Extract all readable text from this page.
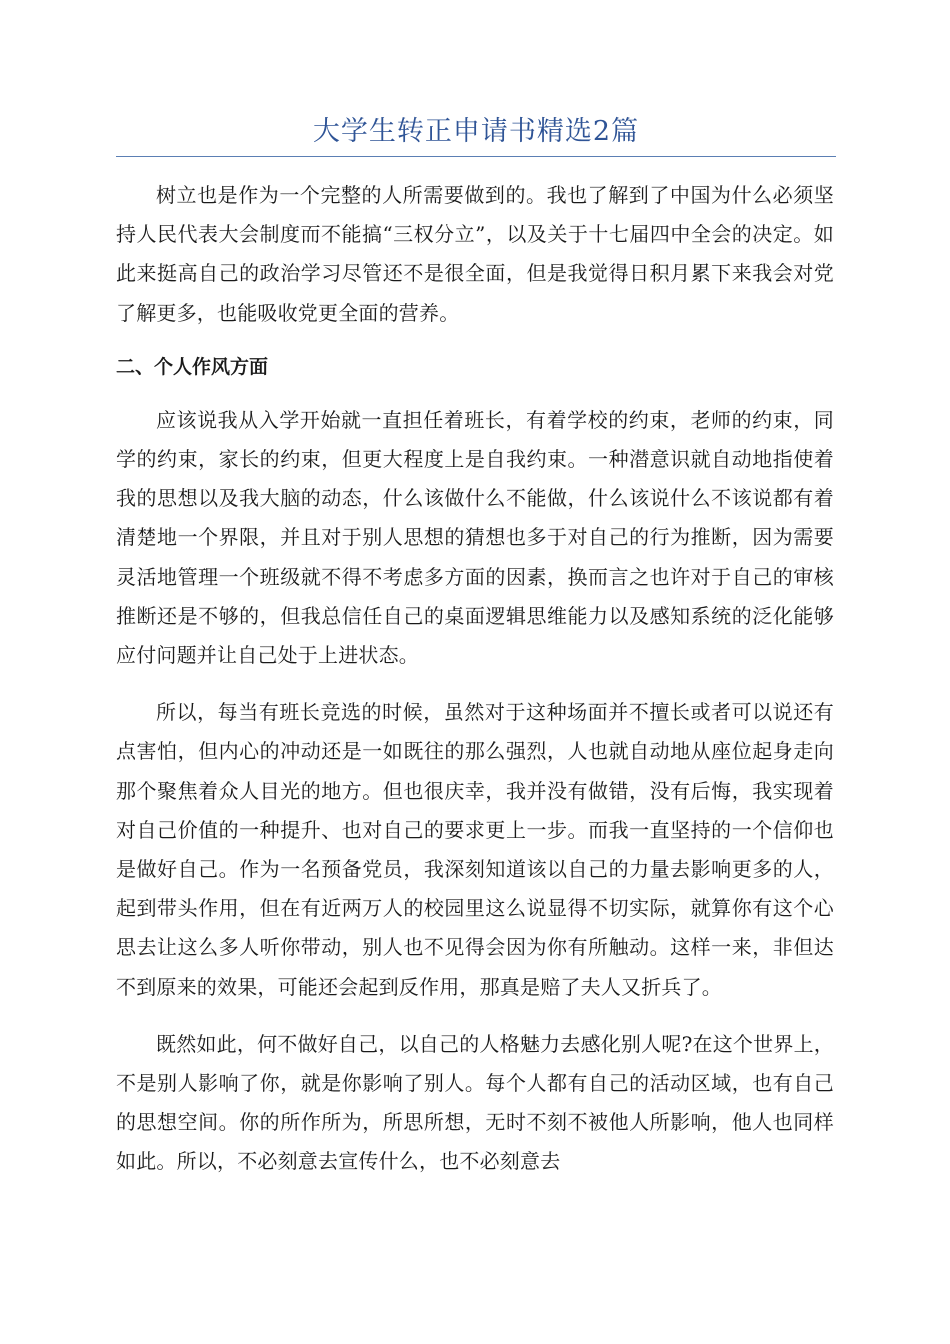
大学生转正申请书精选2篇

树立也是作为一个完整的人所需要做到的。我也了解到了中国为什么必须坚持人民代表大会制度而不能搞“三权分立”，以及关于十七届四中全会的决定。如此来挺高自己的政治学习尽管还不是很全面，但是我觉得日积月累下来我会对党了解更多，也能吸收党更全面的营养。

二、个人作风方面

应该说我从入学开始就一直担任着班长，有着学校的约束，老师的约束，同学的约束，家长的约束，但更大程度上是自我约束。一种潜意识就自动地指使着我的思想以及我大脑的动态，什么该做什么不能做，什么该说什么不该说都有着清楚地一个界限，并且对于别人思想的猜想也多于对自己的行为推断，因为需要灵活地管理一个班级就不得不考虑多方面的因素，换而言之也许对于自己的审核推断还是不够的，但我总信任自己的桌面逻辑思维能力以及感知系统的泛化能够应付问题并让自己处于上进状态。

所以，每当有班长竞选的时候，虽然对于这种场面并不擅长或者可以说还有点害怕，但内心的冲动还是一如既往的那么强烈，人也就自动地从座位起身走向那个聚焦着众人目光的地方。但也很庆幸，我并没有做错，没有后悔，我实现着对自己价值的一种提升、也对自己的要求更上一步。而我一直坚持的一个信仰也是做好自己。作为一名预备党员，我深刻知道该以自己的力量去影响更多的人，起到带头作用，但在有近两万人的校园里这么说显得不切实际，就算你有这个心思去让这么多人听你带动，别人也不见得会因为你有所触动。这样一来，非但达不到原来的效果，可能还会起到反作用，那真是赔了夫人又折兵了。

既然如此，何不做好自己，以自己的人格魅力去感化别人呢?在这个世界上，不是别人影响了你，就是你影响了别人。每个人都有自己的活动区域，也有自己的思想空间。你的所作所为，所思所想，无时不刻不被他人所影响，他人也同样如此。所以，不必刻意去宣传什么，也不必刻意去
